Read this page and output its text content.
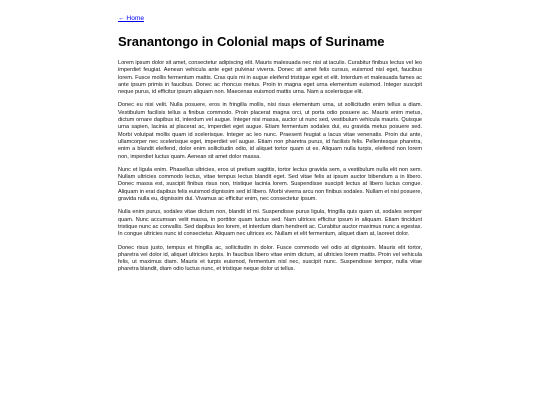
← Home
Sranantongo in Colonial maps of Suriname

Lorem ipsum dolor sit amet, consectetur adipiscing elit. Mauris malesuada nec nisi at iaculis. Curabitur finibus lectus vel leo imperdiet feugiat. Aenean vehicula ante eget pulvinar viverra. Donec sit amet felis cursus, euismod nisl eget, faucibus lorem. Fusce mollis fermentum mattis. Cras quis mi in augue eleifend tristique eget et elit. Interdum et malesuada fames ac ante ipsum primis in faucibus. Donec ac rhoncus metus. Proin in magna eget urna elementum euismod. Integer suscipit neque purus, id efficitur ipsum aliquam non. Maecenas euismod mattis urna. Nam a scelerisque elit.

Donec eu nisi velit. Nulla posuere, eros in fringilla mollis, nisi risus elementum urna, ut sollicitudin enim tellus a diam. Vestibulum facilisis tellus a finibus commodo. Proin placerat magna orci, ut porta odio posuere ac. Mauris enim metus, dictum ornare dapibus id, interdum vel augue. Integer nisi massa, auctor ut nunc sed, vestibulum vehicula mauris. Quisque urna sapien, lacinia at placerat ac, imperdiet eget augue. Etiam fermentum sodales dui, eu gravida metus posuere sed. Morbi volutpat mollis quam id scelerisque. Integer ac leo nunc. Praesent feugiat a lacus vitae venenatis. Proin dui ante, ullamcorper nec scelerisque eget, imperdiet vel augue. Etiam non pharetra purus, id facilisis felis. Pellentesque pharetra, enim a blandit eleifend, dolor enim sollicitudin odio, id aliquet tortor quam ut ex. Aliquam nulla turpis, eleifend non lorem non, imperdiet luctus quam. Aenean sit amet dolor massa.

Nunc et ligula enim. Phasellus ultricies, eros ut pretium sagittis, tortor lectus gravida sem, a vestibulum nulla elit non sem. Nullam ultricies commodo lectus, vitae tempus lectus blandit eget. Sed vitae felis at ipsum auctor bibendum a in libero. Donec massa est, suscipit finibus risus non, tristique lacinia lorem. Suspendisse suscipit lectus at libero luctus congue. Aliquam in erat dapibus felis euismod dignissim sed id libero. Morbi viverra arcu non finibus sodales. Nullam et nisi posuere, gravida nulla eu, dignissim dui. Vivamus ac efficitur enim, nec consectetur ipsum.

Nulla enim purus, sodales vitae dictum non, blandit id mi. Suspendisse purus ligula, fringilla quis quam ut, sodales semper quam. Nunc accumsan velit massa, in porttitor quam luctus sed. Nam ultrices efficitur ipsum in aliquam. Etiam tincidunt tristique nunc ac convallis. Sed dapibus leo lorem, et interdum diam hendrerit ac. Curabitur auctor maximus nunc a egestas. In congue ultricies nunc id consectetur. Aliquam nec ultrices ex. Nullam et elit fermentum, aliquet diam at, laoreet dolor.

Donec risus justo, tempus et fringilla ac, sollicitudin in dolor. Fusce commodo vel odio at dignissim. Mauris elit tortor, pharetra vel dolor id, aliquet ultricies turpis. In faucibus libero vitae enim dictum, at ultricies lorem mattis. Proin vel vehicula felis, ut maximus diam. Mauris et turpis euismod, fermentum nisl nec, suscipit nunc. Suspendisse tempor, nulla vitae pharetra blandit, diam odio luctus nunc, et tristique neque dolor ut tellus.
